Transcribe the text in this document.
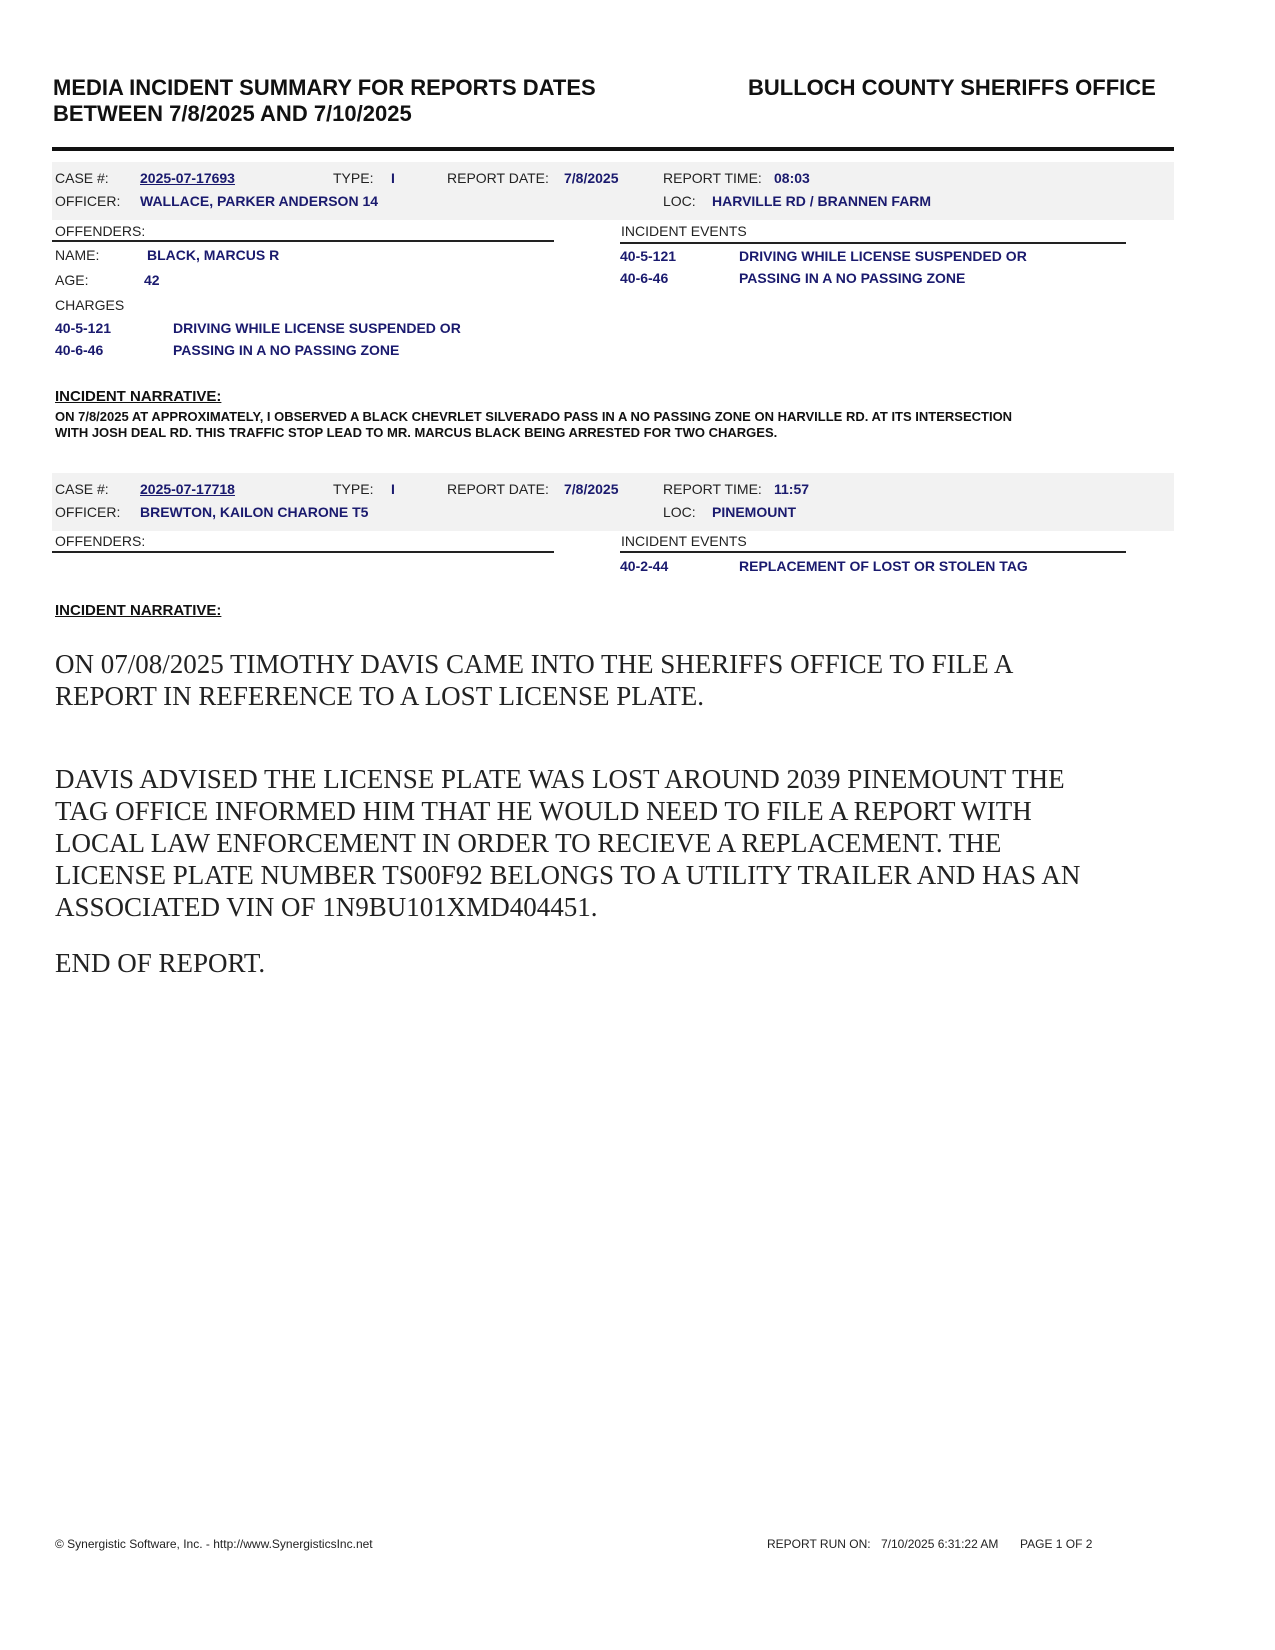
MEDIA INCIDENT SUMMARY FOR REPORTS DATES
BETWEEN 7/8/2025 AND 7/10/2025
BULLOCH COUNTY SHERIFFS OFFICE
CASE #: 2025-07-17693	TYPE: I	REPORT DATE: 7/8/2025	REPORT TIME: 08:03
OFFICER: WALLACE, PARKER ANDERSON 14	LOC: HARVILLE RD / BRANNEN FARM
OFFENDERS:	INCIDENT EVENTS
NAME:	BLACK, MARCUS R
AGE:	42
CHARGES
40-5-121	DRIVING WHILE LICENSE SUSPENDED OR
40-6-46	PASSING IN A NO PASSING ZONE
40-5-121	DRIVING WHILE LICENSE SUSPENDED OR
40-6-46	PASSING IN A NO PASSING ZONE
INCIDENT NARRATIVE:
ON 7/8/2025 AT APPROXIMATELY, I OBSERVED A BLACK CHEVRLET SILVERADO PASS IN A NO PASSING ZONE ON HARVILLE RD. AT ITS INTERSECTION
WITH JOSH DEAL RD. THIS TRAFFIC STOP LEAD TO MR. MARCUS BLACK BEING ARRESTED FOR TWO CHARGES.
CASE #: 2025-07-17718	TYPE: I	REPORT DATE: 7/8/2025	REPORT TIME: 11:57
OFFICER: BREWTON, KAILON CHARONE T5	LOC: PINEMOUNT
OFFENDERS:	INCIDENT EVENTS
40-2-44	REPLACEMENT OF LOST OR STOLEN TAG
INCIDENT NARRATIVE:
ON 07/08/2025 TIMOTHY DAVIS CAME INTO THE SHERIFFS OFFICE TO FILE A
REPORT IN REFERENCE TO A LOST LICENSE PLATE.
DAVIS ADVISED THE LICENSE PLATE WAS LOST AROUND 2039 PINEMOUNT THE
TAG OFFICE INFORMED HIM THAT HE WOULD NEED TO FILE A REPORT WITH
LOCAL LAW ENFORCEMENT IN ORDER TO RECIEVE A REPLACEMENT. THE
LICENSE PLATE NUMBER TS00F92 BELONGS TO A UTILITY TRAILER AND HAS AN
ASSOCIATED VIN OF 1N9BU101XMD404451.
END OF REPORT.
© Synergistic Software, Inc. - http://www.SynergisticsInc.net	REPORT RUN ON: 7/10/2025 6:31:22 AM PAGE 1 OF 2
